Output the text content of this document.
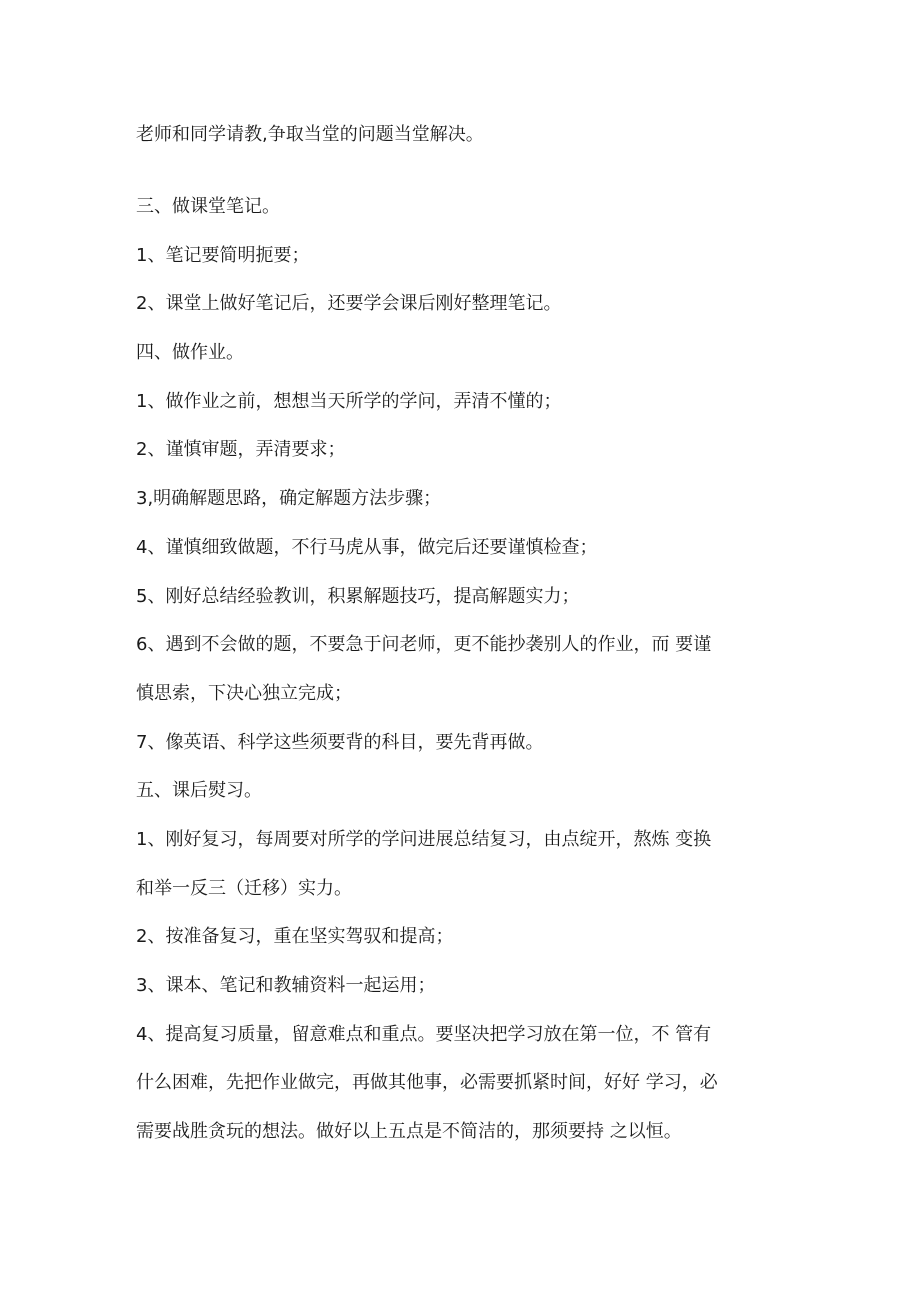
老师和同学请教,争取当堂的问题当堂解决。
三、做课堂笔记。
1、笔记要简明扼要；
2、课堂上做好笔记后，还要学会课后刚好整理笔记。
四、做作业。
1、做作业之前，想想当天所学的学问，弄清不懂的；
2、谨慎审题，弄清要求；
3,明确解题思路，确定解题方法步骤；
4、谨慎细致做题，不行马虎从事，做完后还要谨慎检查；
5、刚好总结经验教训，积累解题技巧，提高解题实力；
6、遇到不会做的题，不要急于问老师，更不能抄袭别人的作业，而 要谨
慎思索，下决心独立完成；
7、像英语、科学这些须要背的科目，要先背再做。
五、课后熨习。
1、刚好复习，每周要对所学的学问进展总结复习，由点绽开，熬炼 变换
和举一反三（迁移）实力。
2、按准备复习，重在坚实驾驭和提高；
3、课本、笔记和教辅资料一起运用；
4、提高复习质量，留意难点和重点。要坚决把学习放在第一位，不 管有
什么困难，先把作业做完，再做其他事，必需要抓紧时间，好好 学习，必
需要战胜贪玩的想法。做好以上五点是不简洁的，那须要持 之以恒。
